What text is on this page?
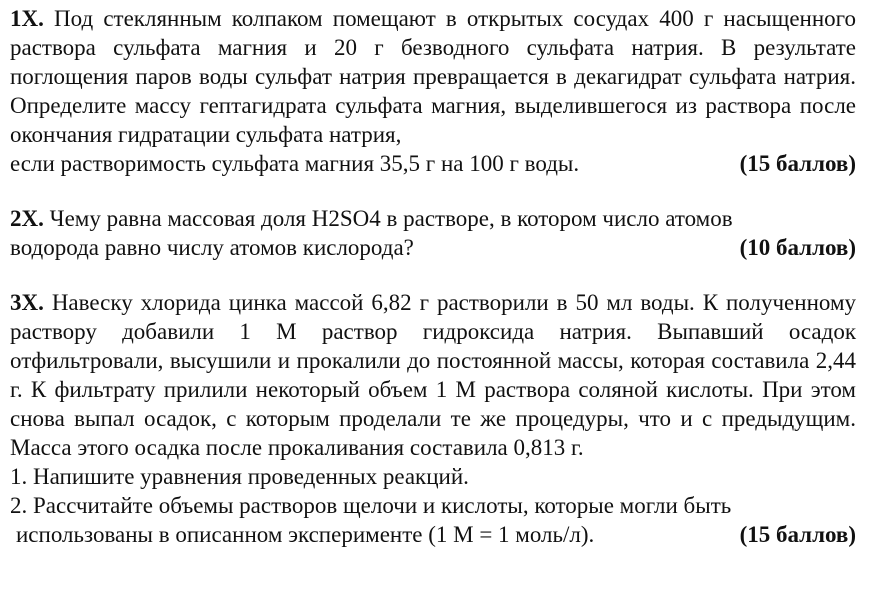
1Х. Под стеклянным колпаком помещают в открытых сосудах 400 г насыщенного раствора сульфата магния и 20 г безводного сульфата натрия. В результате поглощения паров воды сульфат натрия превращается в декагидрат сульфата натрия. Определите массу гептагидрата сульфата магния, выделившегося из раствора после окончания гидратации сульфата натрия,

если растворимость сульфата магния 35,5 г на 100 г воды.	(15 баллов)

2Х. Чему равна массовая доля H2SO4 в растворе, в котором число атомов

водорода равно числу атомов кислорода?	(10 баллов)

3Х. Навеску хлорида цинка массой 6,82 г растворили в 50 мл воды. К полученному раствору добавили 1 М раствор гидроксида натрия. Выпавший осадок отфильтровали, высушили и прокалили до постоянной массы, которая составила 2,44 г. К фильтрату прилили некоторый объем 1 М раствора соляной кислоты. При этом снова выпал осадок, с которым проделали те же процедуры, что и с предыдущим. Масса этого осадка после прокаливания составила 0,813 г.

1. Напишите уравнения проведенных реакций.
2. Рассчитайте объемы растворов щелочи и кислоты, которые могли быть
использованы в описанном эксперименте (1 М = 1 моль/л).	(15 баллов)
